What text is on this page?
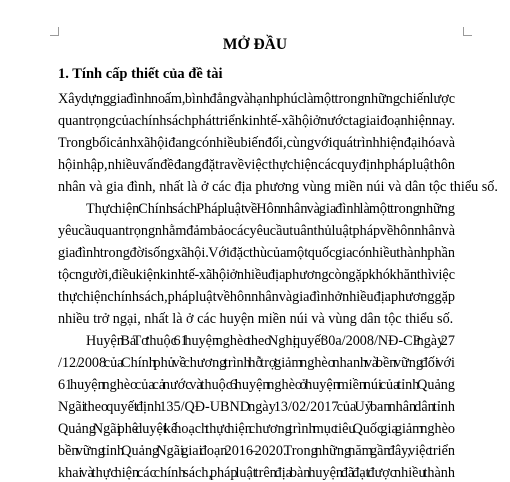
MỞ ĐẦU
1. Tính cấp thiết của đề tài
Xây dựng gia đình no ấm, bình đẳng và hạnh phúc là một trong những chiến lược
quan trọng của chính sách phát triển kinh tế - xã hội ở nước ta giai đoạn hiện nay.
Trong bối cảnh xã hội đang có nhiều biến đổi, cùng với quá trình hiện đại hóa và
hội nhập, nhiều vấn đề đang đặt ra về việc thực hiện các quy định pháp luật hôn
nhân và gia đình, nhất là ở các địa phương vùng miền núi và dân tộc thiểu số.
Thực hiện Chính sách Pháp luật về Hôn nhân và gia đình là một trong những
yêu cầu quan trọng nhằm đảm bảo các yêu cầu tuân thủ luật pháp về hôn nhân và
gia đình trong đời sống xã hội. Với đặc thù của một quốc gia có nhiều thành phần
tộc người, điều kiện kinh tế - xã hội ở nhiều địa phương còn gặp khó khăn thì việc
thực hiện chính sách, pháp luật về hôn nhân và gia đình ở nhiều địa phương gặp
nhiều trở ngại, nhất là ở các huyện miền núi và vùng dân tộc thiểu số.
Huyện Ba Tơ thuộc 61 huyện nghèo theo Nghị quyết 30a/2008/NĐ-CP ngày 27
/12/ 2008 của Chính phủ về chương trình hỗ trợ giảm nghèo nhanh và bền vững đối với
61 huyện nghèo của cả nước và thuộc 6 huyện nghèo ở huyện miền núi của tỉnh Quảng
Ngãi theo quyết định 135/QĐ-UBND ngày 13/02/2017 của Uỷ ban nhân dân tỉnh
Quảng Ngãi phê duyệt kế hoạch thực hiện chương trình mục tiêu Quốc gia giảm nghèo
bền vững tỉnh Quảng Ngãi giai đoạn 2016 – 2020. Trong những năm gần đây, việc triển
khai và thực hiện các chính sách, pháp luật trên địa bàn huyện đã đạt được nhiều thành
